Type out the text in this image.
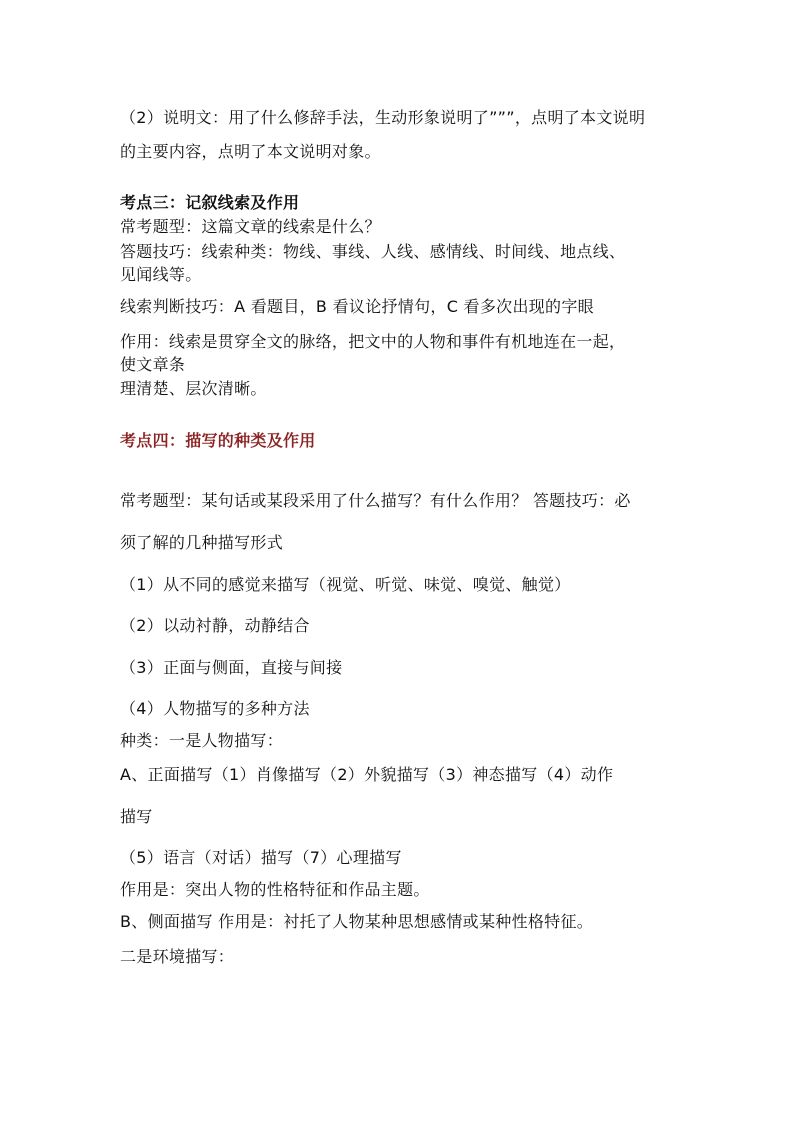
（2）说明文：用了什么修辞手法，生动形象说明了”””，点明了本文说明
的主要内容，点明了本文说明对象。
考点三：记叙线索及作用
常考题型：这篇文章的线索是什么？
答题技巧：线索种类：物线、事线、人线、感情线、时间线、地点线、
见闻线等。
线索判断技巧：A 看题目，B 看议论抒情句，C 看多次出现的字眼
作用：线索是贯穿全文的脉络，把文中的人物和事件有机地连在一起，
使文章条
理清楚、层次清晰。
考点四：描写的种类及作用
常考题型：某句话或某段采用了什么描写？有什么作用？ 答题技巧：必
须了解的几种描写形式
（1）从不同的感觉来描写（视觉、听觉、味觉、嗅觉、触觉）
（2）以动衬静，动静结合
（3）正面与侧面，直接与间接
（4）人物描写的多种方法
种类：一是人物描写：
A、正面描写（1）肖像描写（2）外貌描写（3）神态描写（4）动作
描写
（5）语言（对话）描写（7）心理描写
作用是：突出人物的性格特征和作品主题。
B、侧面描写 作用是：衬托了人物某种思想感情或某种性格特征。
二是环境描写：
